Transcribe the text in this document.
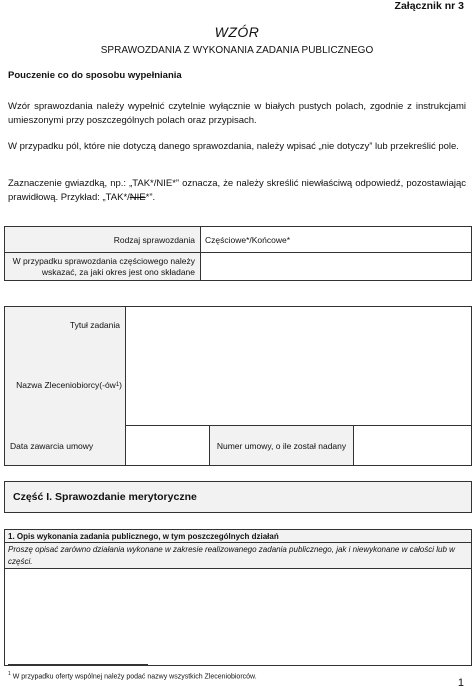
Załącznik nr 3
WZÓR
SPRAWOZDANIA Z WYKONANIA ZADANIA PUBLICZNEGO
Pouczenie co do sposobu wypełniania
Wzór sprawozdania należy wypełnić czytelnie wyłącznie w białych pustych polach, zgodnie z instrukcjami umieszonymi przy poszczególnych polach oraz przypisach.
W przypadku pól, które nie dotyczą danego sprawozdania, należy wpisać „nie dotyczy” lub przekreślić pole.
Zaznaczenie gwiazdką, np.: „TAK*/NIE*” oznacza, że należy skreślić niewłaściwą odpowiedź, pozostawiając prawidłową. Przykład: „TAK*/NIE*”.
Rodzaj sprawozdania Częściowe*/Końcowe*
W przypadku sprawozdania częściowego należy wskazać, za jaki okres jest ono składane
Tytuł zadania
Nazwa Zleceniobiorcy(-ów 1 )
Data zawarcia umowy	Numer umowy, o ile został nadany
Część I. Sprawozdanie merytoryczne
1. Opis wykonania zadania publicznego, w tym poszczególnych działań
Proszę opisać zarówno działania wykonane w zakresie realizowanego zadania publicznego, jak i niewykonane w całości lub w części.
$^1$ W przypadku oferty wspólnej należy podać nazwy wszystkich Zleceniobiorców.
1
